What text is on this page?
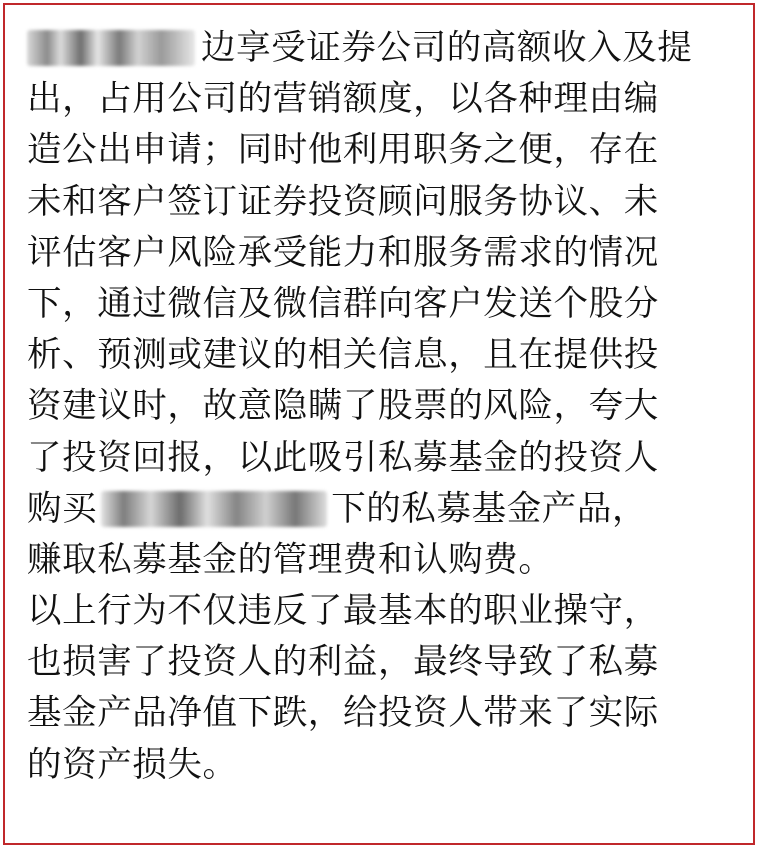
边享受证券公司的高额收入及提
出，占用公司的营销额度，以各种理由编
造公出申请；同时他利用职务之便，存在
未和客户签订证券投资顾问服务协议、未
评估客户风险承受能力和服务需求的情况
下，通过微信及微信群向客户发送个股分
析、预测或建议的相关信息，且在提供投
资建议时，故意隐瞒了股票的风险，夸大
了投资回报，以此吸引私募基金的投资人
购买	下的私募基金产品，
赚取私募基金的管理费和认购费。
以上行为不仅违反了最基本的职业操守，
也损害了投资人的利益，最终导致了私募
基金产品净值下跌，给投资人带来了实际
的资产损失。
